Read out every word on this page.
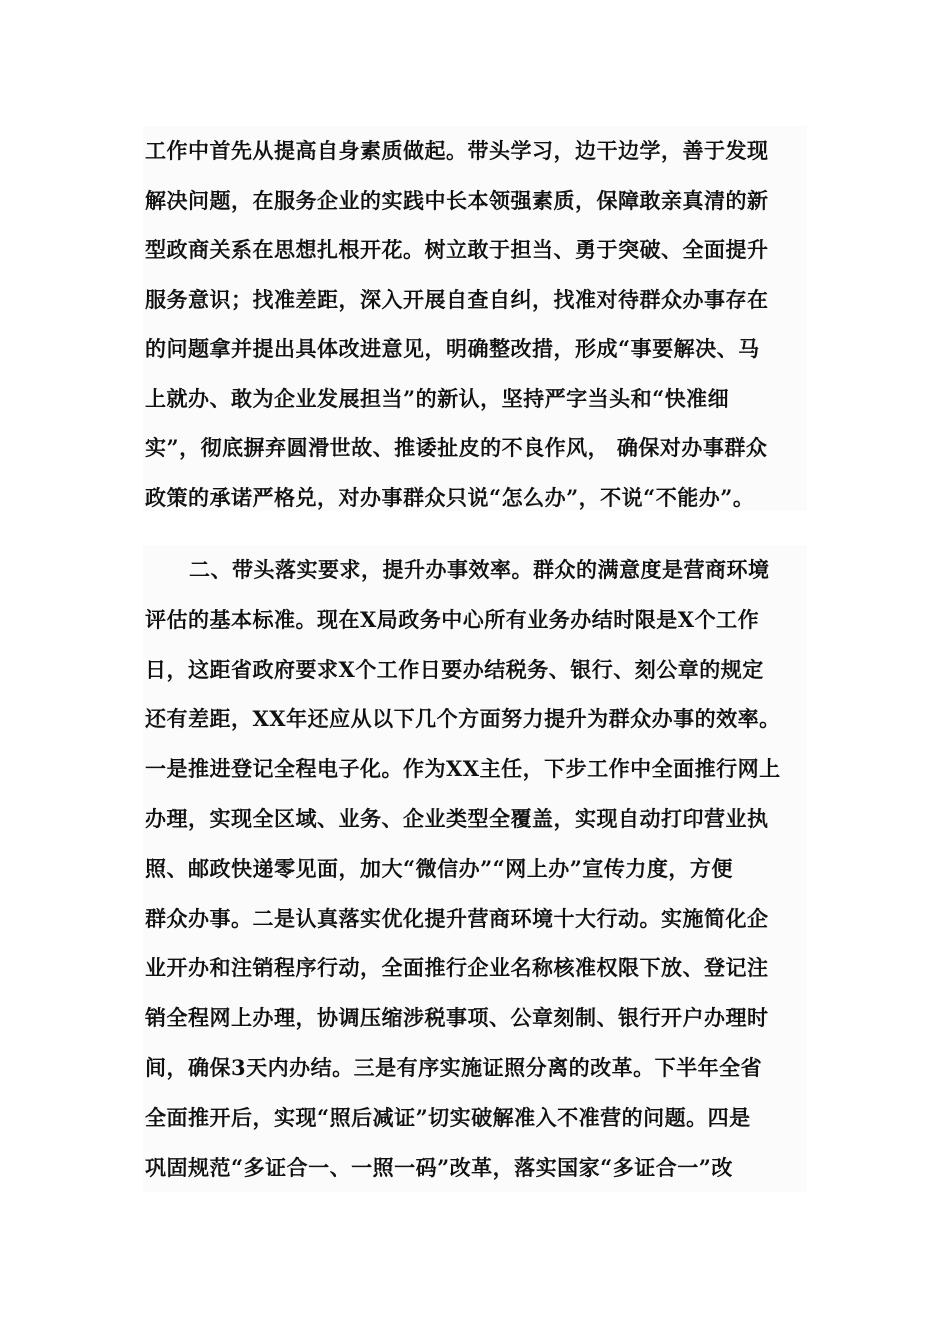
工作中首先从提高自身素质做起。带头学习，边干边学，善于发现
解决问题，在服务企业的实践中长本领强素质，保障敢亲真清的新
型政商关系在思想扎根开花。树立敢于担当、勇于突破、全面提升
服务意识；找准差距，深入开展自查自纠，找准对待群众办事存在
的问题拿并提出具体改进意见，明确整改措，形成“事要解决、马
上就办、敢为企业发展担当”的新认，坚持严字当头和“快准细
实”，彻底摒弃圆滑世故、推诿扯皮的不良作风， 确保对办事群众
政策的承诺严格兑，对办事群众只说“怎么办”，不说“不能办”。
二、带头落实要求，提升办事效率。群众的满意度是营商环境
评估的基本标准。现在X局政务中心所有业务办结时限是X个工作
日，这距省政府要求X个工作日要办结税务、银行、刻公章的规定
还有差距，XX年还应从以下几个方面努力提升为群众办事的效率。
一是推进登记全程电子化。作为XX主任，下步工作中全面推行网上
办理，实现全区域、业务、企业类型全覆盖，实现自动打印营业执
照、邮政快递零见面，加大“微信办”“网上办”宣传力度，方便
群众办事。二是认真落实优化提升营商环境十大行动。实施简化企
业开办和注销程序行动，全面推行企业名称核准权限下放、登记注
销全程网上办理，协调压缩涉税事项、公章刻制、银行开户办理时
间，确保3天内办结。三是有序实施证照分离的改革。下半年全省
全面推开后，实现“照后减证”切实破解准入不准营的问题。四是
巩固规范“多证合一、一照一码”改革，落实国家“多证合一”改
